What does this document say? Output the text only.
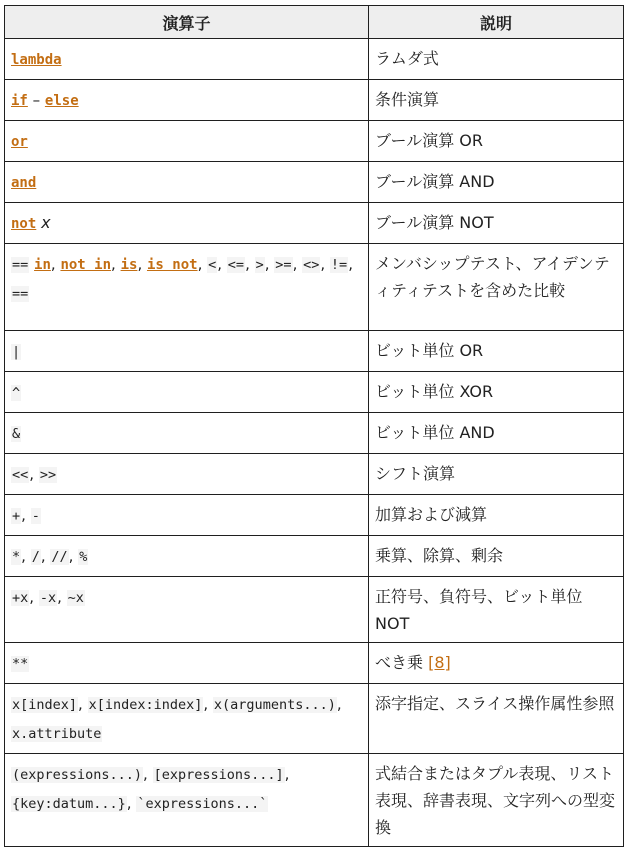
演算子	説明
lambda	ラムダ式
if – else	条件演算
or	ブール演算 OR
and	ブール演算 AND
not x	ブール演算 NOT
== in, not in, is, is not, <, <=, >, >=, <>, !=, ==	メンバシップテスト、アイデンティティテストを含めた比較
|	ビット単位 OR
^	ビット単位 XOR
&	ビット単位 AND
<<, >>	シフト演算
+, -	加算および減算
*, /, //, %	乗算、除算、剰余
+x, -x, ~x	正符号、負符号、ビット単位 NOT
**	べき乗 [8]
x[index], x[index:index], x(arguments...), x.attribute	添字指定、スライス操作属性参照
(expressions...), [expressions...], {key:datum...}, `expressions...`	式結合またはタプル表現、リスト表現、辞書表現、文字列への型変換
